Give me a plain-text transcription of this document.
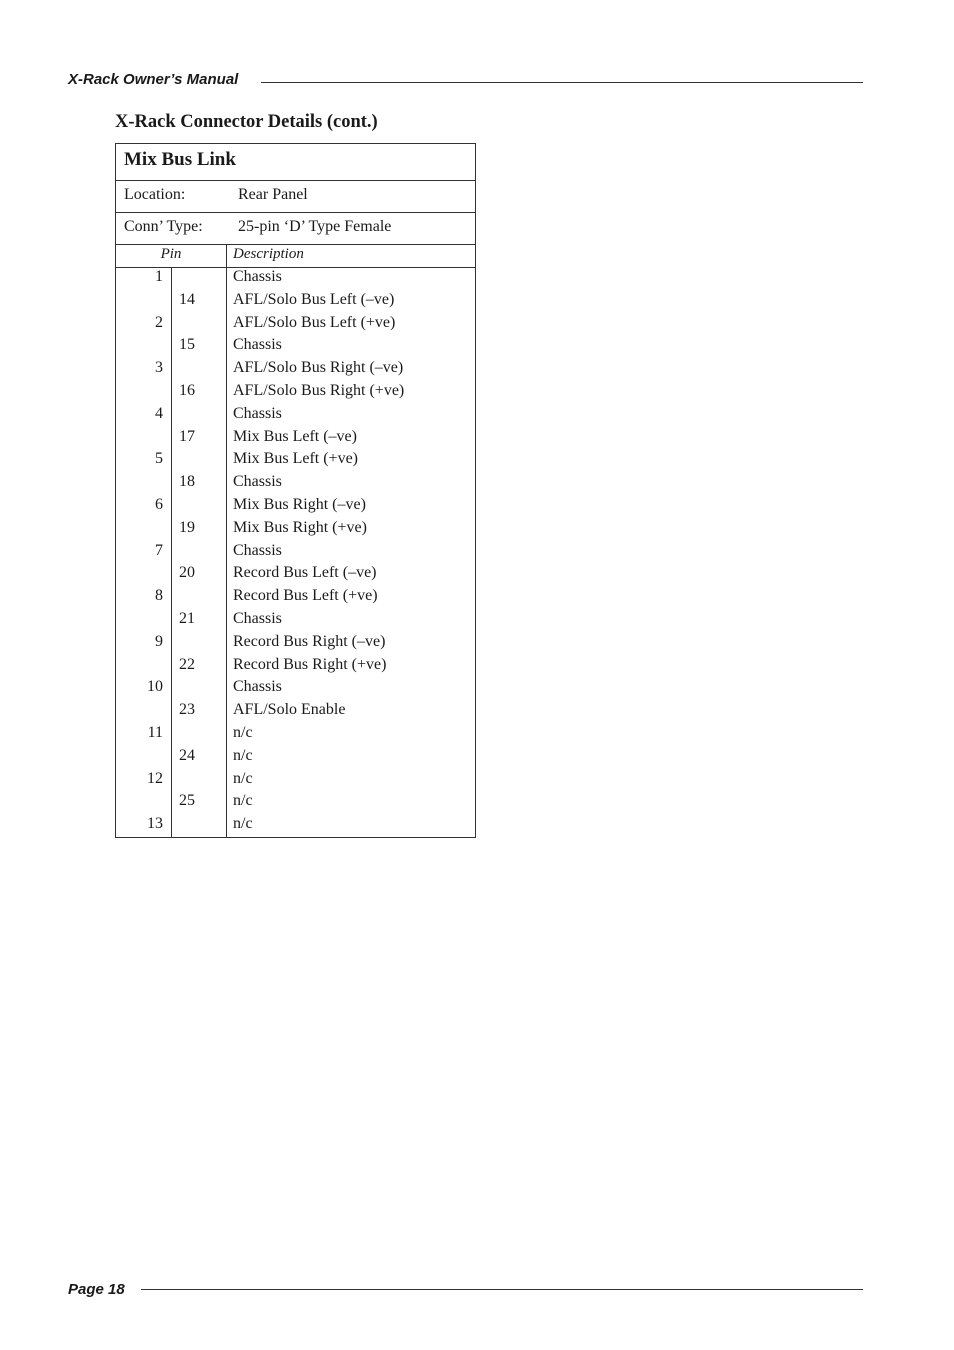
X-Rack Owner’s Manual
X-Rack Connector Details (cont.)
Mix Bus Link
Location:	Rear Panel
Conn’ Type: 25-pin ‘D’ Type Female
Pin	Description
1	Chassis
14 AFL/Solo Bus Left (–ve)
2	AFL/Solo Bus Left (+ve)
15 Chassis
3	AFL/Solo Bus Right (–ve)
16 AFL/Solo Bus Right (+ve)
4	Chassis
17 Mix Bus Left (–ve)
5	Mix Bus Left (+ve)
18 Chassis
6	Mix Bus Right (–ve)
19 Mix Bus Right (+ve)
7	Chassis
20 Record Bus Left (–ve)
8	Record Bus Left (+ve)
21 Chassis
9	Record Bus Right (–ve)
22 Record Bus Right (+ve)
10	Chassis
23 AFL/Solo Enable
11	n/c
24 n/c
12	n/c
25 n/c
13	n/c
Page 18
